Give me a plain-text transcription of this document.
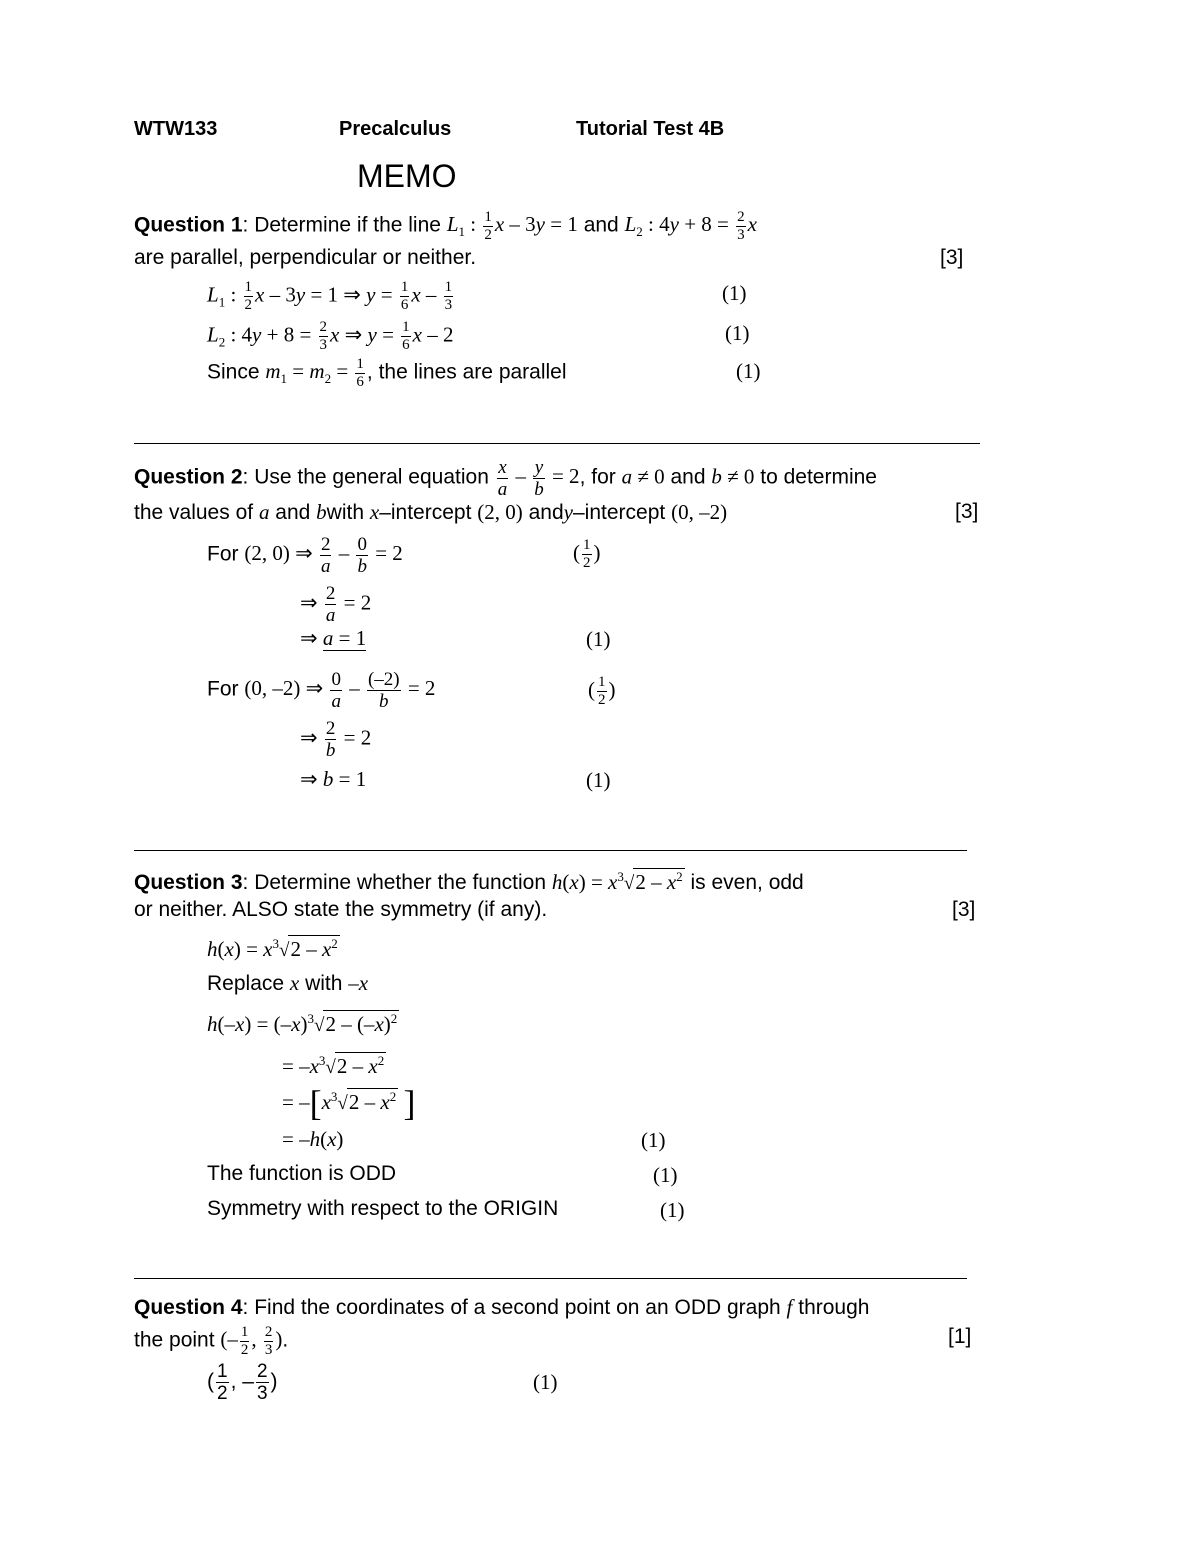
WTW133	Precalculus	Tutorial Test 4B
MEMO
Question 1: Determine if the line $L_1$ : $\frac{1}{2}$ x – 3y = 1 and $L_2$ : $4y + 8 = \frac{2}{3}$ x
are parallel, perpendicular or neither.	[3]
$L_1$ : $\frac{1}{2}$ x – 3y = 1 ⇒ $y = \frac{1}{6}$ x – $\frac{1}{3}$	(1)
$L_2$ : $4y + 8 = \frac{2}{3}$ x ⇒ $y = \frac{1}{6}$ x – 2	(1)
Since $m_1 = m_2 = \frac{1}{6}$ , the lines are parallel	(1)
Question 2: Use the general equation $\frac{x}{a} - \frac{y}{b} = 2$, for a ≠ 0 and b ≠ 0 to determine
the values of a and bwith x–intercept (2, 0) andy–intercept (0, –2)	[3]
For (2, 0) ⇒ $\frac{2}{a} - \frac{0}{b} = 2$	( $\frac{1}{2}$ )
⇒ $\frac{2}{a} = 2$
⇒ a = 1	(1)
For (0, –2) ⇒ $\frac{0}{a} - \frac{(-2)}{b} = 2$	( $\frac{1}{2}$ )
⇒ $\frac{2}{b} = 2$
⇒ b = 1	(1)
Question 3: Determine whether the function $h(x) = x^3√2 - x^2$ is even, odd
or neither. ALSO state the symmetry (if any).	[3]
$h(x) = x^3√2 - x^2$
Replace x with –x
$h(-x) = (-x)^3√2 - (-x)^2$
= $-x^3√2 - x^2$
= $-[x^3√2 - x^2$ ]
= –h(x)	(1)
The function is ODD	(1)
Symmetry with respect to the ORIGIN	(1)
Question 4: Find the coordinates of a second point on an ODD graph f through
the point (– $\frac{1}{2}$ , $\frac{2}{3}$ ).	[1]
( $\frac{1}{2}$ , – $\frac{2}{3}$ )	(1)
